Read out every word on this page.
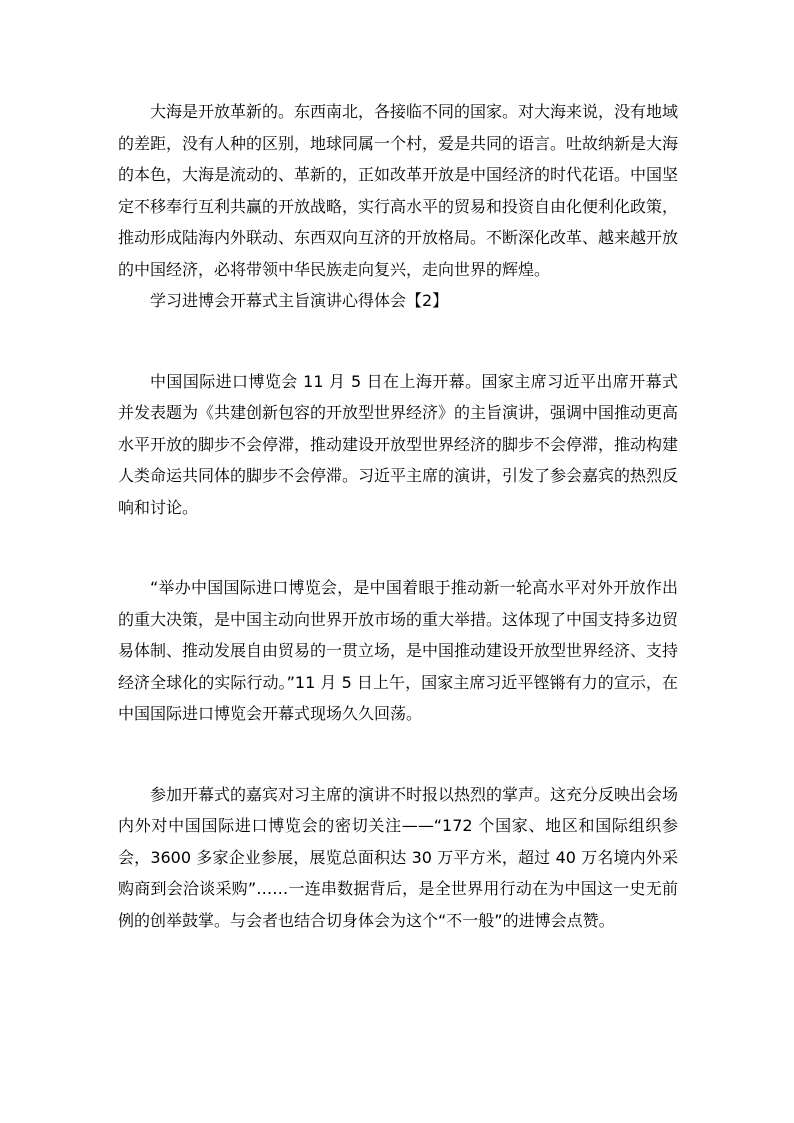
大海是开放革新的。东西南北，各接临不同的国家。对大海来说，没有地域的差距，没有人种的区别，地球同属一个村，爱是共同的语言。吐故纳新是大海的本色，大海是流动的、革新的，正如改革开放是中国经济的时代花语。中国坚定不移奉行互利共赢的开放战略，实行高水平的贸易和投资自由化便利化政策，推动形成陆海内外联动、东西双向互济的开放格局。不断深化改革、越来越开放的中国经济，必将带领中华民族走向复兴，走向世界的辉煌。

学习进博会开幕式主旨演讲心得体会【2】

中国国际进口博览会 11 月 5 日在上海开幕。国家主席习近平出席开幕式并发表题为《共建创新包容的开放型世界经济》的主旨演讲，强调中国推动更高水平开放的脚步不会停滞，推动建设开放型世界经济的脚步不会停滞，推动构建人类命运共同体的脚步不会停滞。习近平主席的演讲，引发了参会嘉宾的热烈反响和讨论。

“举办中国国际进口博览会，是中国着眼于推动新一轮高水平对外开放作出的重大决策，是中国主动向世界开放市场的重大举措。这体现了中国支持多边贸易体制、推动发展自由贸易的一贯立场，是中国推动建设开放型世界经济、支持经济全球化的实际行动。”11 月 5 日上午，国家主席习近平铿锵有力的宣示，在中国国际进口博览会开幕式现场久久回荡。

参加开幕式的嘉宾对习主席的演讲不时报以热烈的掌声。这充分反映出会场内外对中国国际进口博览会的密切关注——“172 个国家、地区和国际组织参会，3600 多家企业参展，展览总面积达 30 万平方米，超过 40 万名境内外采购商到会洽谈采购”……一连串数据背后，是全世界用行动在为中国这一史无前例的创举鼓掌。与会者也结合切身体会为这个“不一般”的进博会点赞。
